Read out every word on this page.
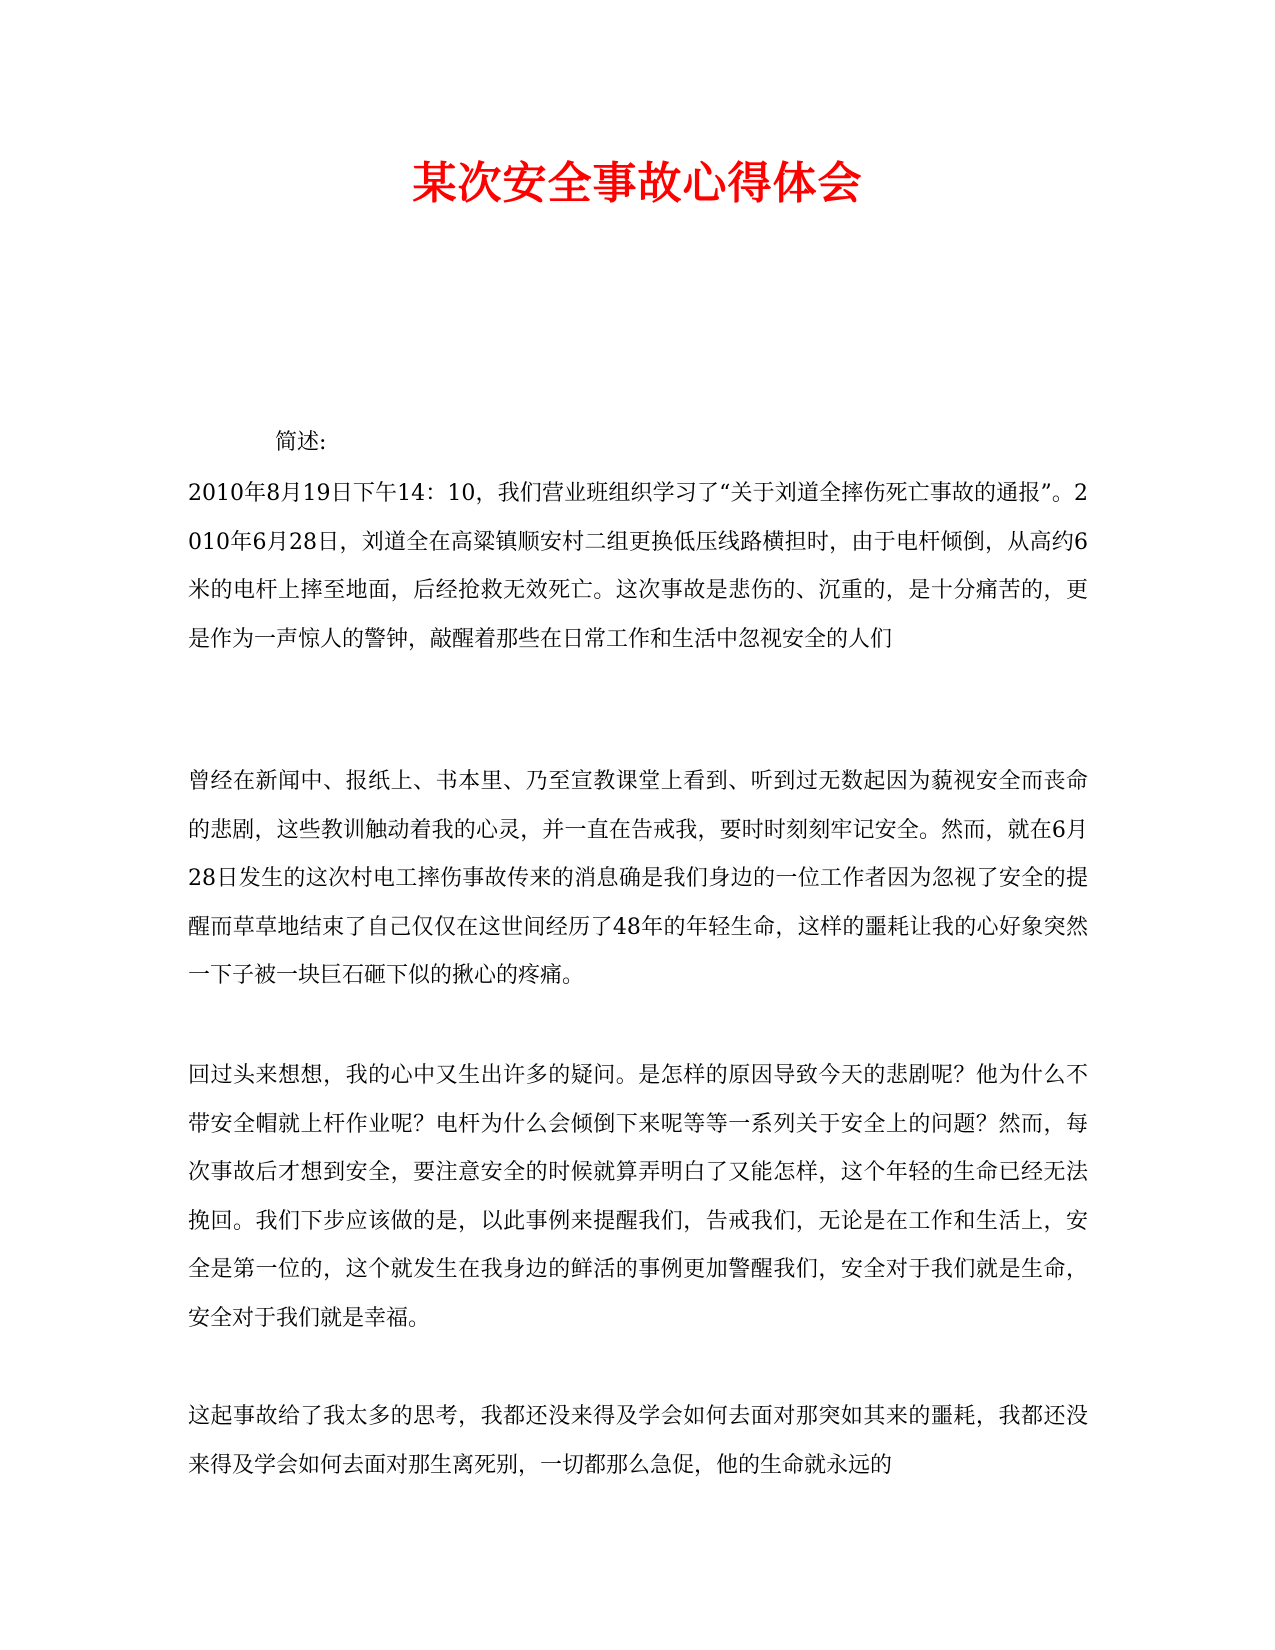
某次安全事故心得体会
简述:

2010年8月19日下午14：10，我们营业班组织学习了“关于刘道全摔伤死亡事故的通报”。2010年6月28日，刘道全在高粱镇顺安村二组更换低压线路横担时，由于电杆倾倒，从高约6米的电杆上摔至地面，后经抢救无效死亡。这次事故是悲伤的、沉重的，是十分痛苦的，更是作为一声惊人的警钟，敲醒着那些在日常工作和生活中忽视安全的人们

曾经在新闻中、报纸上、书本里、乃至宣教课堂上看到、听到过无数起因为藐视安全而丧命的悲剧，这些教训触动着我的心灵，并一直在告戒我，要时时刻刻牢记安全。然而，就在6月28日发生的这次村电工摔伤事故传来的消息确是我们身边的一位工作者因为忽视了安全的提醒而草草地结束了自己仅仅在这世间经历了48年的年轻生命，这样的噩耗让我的心好象突然一下子被一块巨石砸下似的揪心的疼痛。

回过头来想想，我的心中又生出许多的疑问。是怎样的原因导致今天的悲剧呢？他为什么不带安全帽就上杆作业呢？电杆为什么会倾倒下来呢等等一系列关于安全上的问题？然而，每次事故后才想到安全，要注意安全的时候就算弄明白了又能怎样，这个年轻的生命已经无法挽回。我们下步应该做的是，以此事例来提醒我们，告戒我们，无论是在工作和生活上，安全是第一位的，这个就发生在我身边的鲜活的事例更加警醒我们，安全对于我们就是生命，安全对于我们就是幸福。

这起事故给了我太多的思考，我都还没来得及学会如何去面对那突如其来的噩耗，我都还没来得及学会如何去面对那生离死别，一切都那么急促，他的生命就永远的
